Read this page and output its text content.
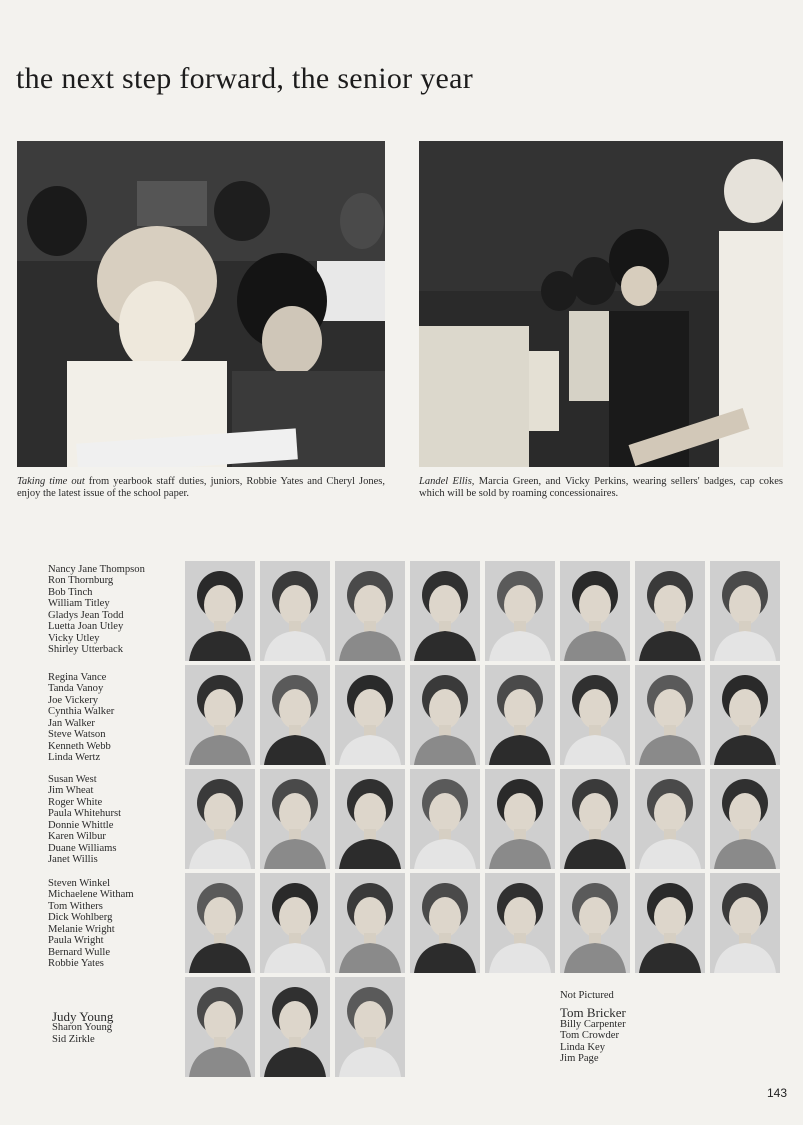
the next step forward, the senior year
Taking time out from yearbook staff duties, juniors, Robbie Yates and Cheryl Jones, enjoy the latest issue of the school paper.
Landel Ellis, Marcia Green, and Vicky Perkins, wearing sellers' badges, cap cokes which will be sold by roaming concessionaires.
Nancy Jane Thompson
Ron Thornburg
Bob Tinch
William Titley
Gladys Jean Todd
Luetta Joan Utley
Vicky Utley
Shirley Utterback
Regina Vance
Tanda Vanoy
Joe Vickery
Cynthia Walker
Jan Walker
Steve Watson
Kenneth Webb
Linda Wertz
Susan West
Jim Wheat
Roger White
Paula Whitehurst
Donnie Whittle
Karen Wilbur
Duane Williams
Janet Willis
Steven Winkel
Michaelene Witham
Tom Withers
Dick Wohlberg
Melanie Wright
Paula Wright
Bernard Wulle
Robbie Yates
Judy Young
Sharon Young
Sid Zirkle
Not Pictured
Tom Bricker
Billy Carpenter
Tom Crowder
Linda Key
Jim Page
143
